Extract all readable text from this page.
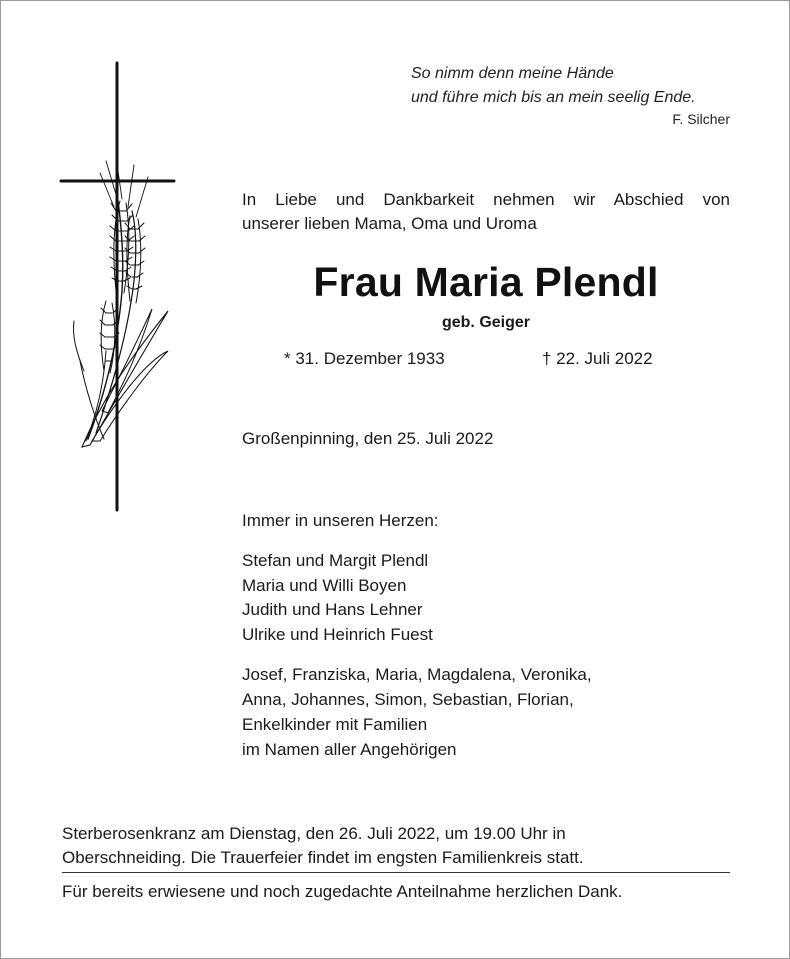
So nimm denn meine Hände
und führe mich bis an mein seelig Ende.
F. Silcher
In Liebe und Dankbarkeit nehmen wir Abschied von
unserer lieben Mama, Oma und Uroma
Frau Maria Plendl
geb. Geiger
* 31. Dezember 1933	† 22. Juli 2022
Großenpinning, den 25. Juli 2022
Immer in unseren Herzen:
Stefan und Margit Plendl
Maria und Willi Boyen
Judith und Hans Lehner
Ulrike und Heinrich Fuest
Josef, Franziska, Maria, Magdalena, Veronika,
Anna, Johannes, Simon, Sebastian, Florian,
Enkelkinder mit Familien
im Namen aller Angehörigen
Sterberosenkranz am Dienstag, den 26. Juli 2022, um 19.00 Uhr in
Oberschneiding. Die Trauerfeier findet im engsten Familienkreis statt.
Für bereits erwiesene und noch zugedachte Anteilnahme herzlichen Dank.
